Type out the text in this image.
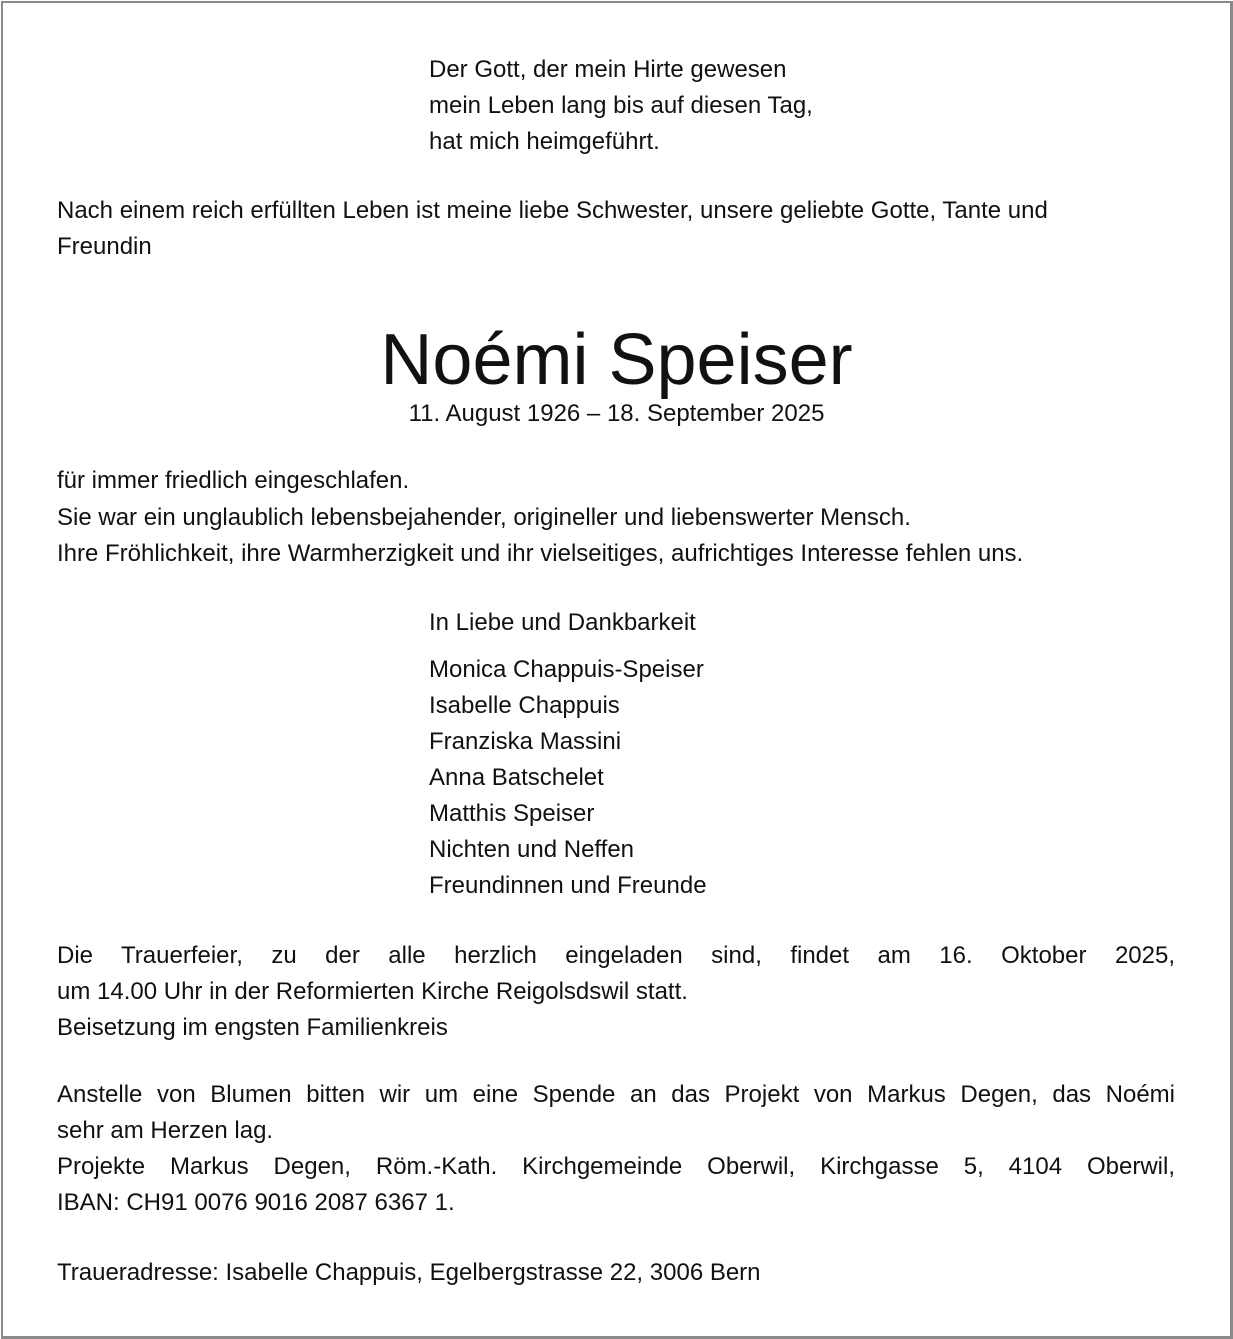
Der Gott, der mein Hirte gewesen
mein Leben lang bis auf diesen Tag,
hat mich heimgeführt.
Nach einem reich erfüllten Leben ist meine liebe Schwester, unsere geliebte Gotte, Tante und
Freundin
Noémi Speiser
11. August 1926 – 18. September 2025
für immer friedlich eingeschlafen.
Sie war ein unglaublich lebensbejahender, origineller und liebenswerter Mensch.
Ihre Fröhlichkeit, ihre Warmherzigkeit und ihr vielseitiges, aufrichtiges Interesse fehlen uns.
In Liebe und Dankbarkeit
Monica Chappuis-Speiser
Isabelle Chappuis
Franziska Massini
Anna Batschelet
Matthis Speiser
Nichten und Neffen
Freundinnen und Freunde
Die Trauerfeier, zu der alle herzlich eingeladen sind, findet am 16. Oktober 2025,
um 14.00 Uhr in der Reformierten Kirche Reigolsdswil statt.
Beisetzung im engsten Familienkreis
Anstelle von Blumen bitten wir um eine Spende an das Projekt von Markus Degen, das Noémi
sehr am Herzen lag.
Projekte Markus Degen, Röm.-Kath. Kirchgemeinde Oberwil, Kirchgasse 5, 4104 Oberwil,
IBAN: CH91 0076 9016 2087 6367 1.
Traueradresse: Isabelle Chappuis, Egelbergstrasse 22, 3006 Bern
